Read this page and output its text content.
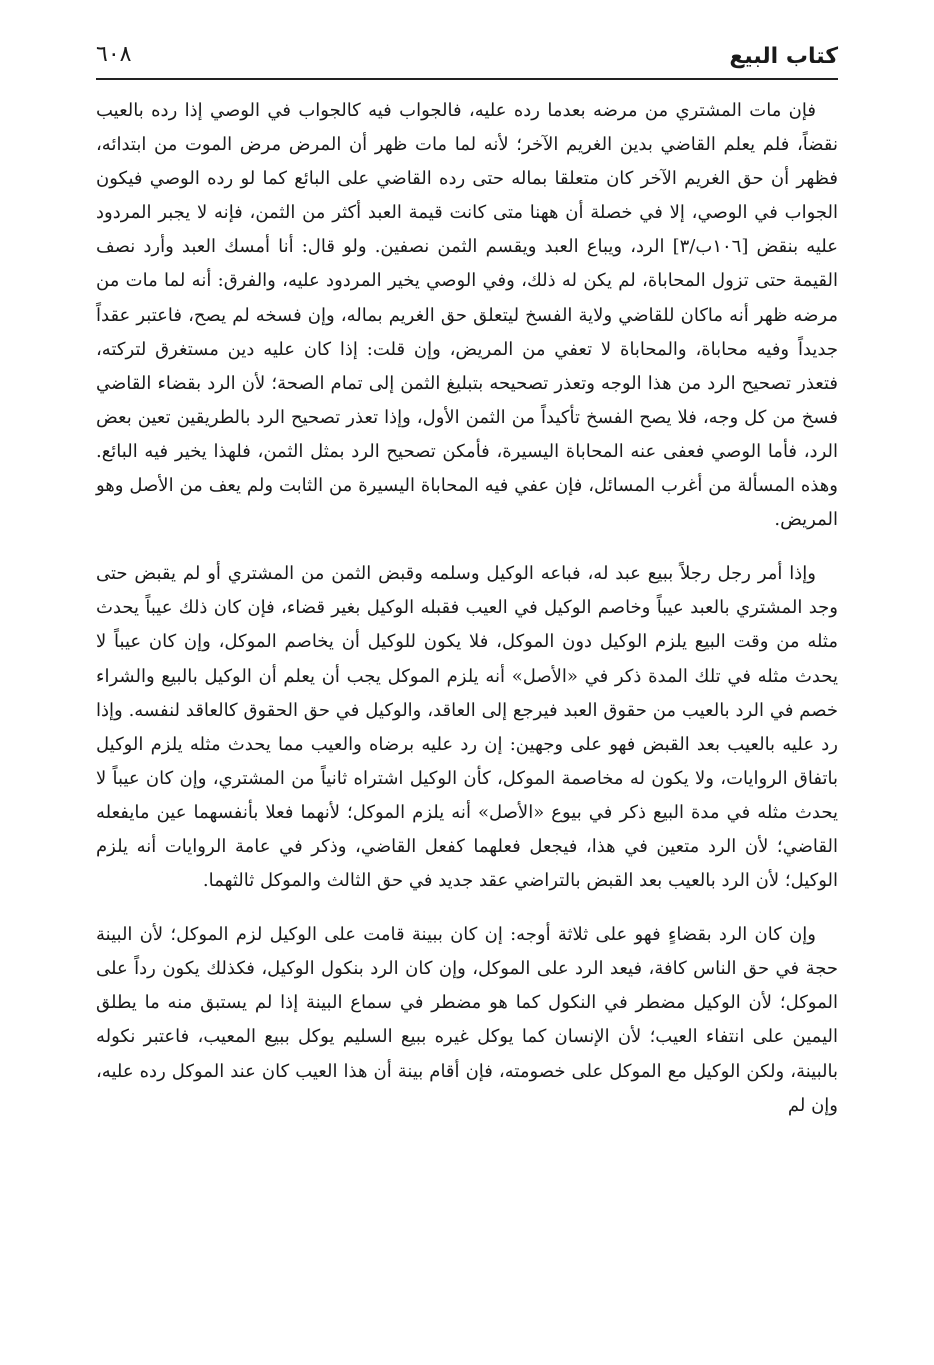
كتاب البيع
٦٠٨

فإن مات المشتري من مرضه بعدما رده عليه، فالجواب فيه كالجواب في الوصي إذا رده بالعيب نقضاً، فلم يعلم القاضي بدين الغريم الآخر؛ لأنه لما مات ظهر أن المرض مرض الموت من ابتدائه، فظهر أن حق الغريم الآخر كان متعلقا بماله حتى رده القاضي على البائع كما لو رده الوصي فيكون الجواب في الوصي، إلا في خصلة أن ههنا متى كانت قيمة العبد أكثر من الثمن، فإنه لا يجبر المردود عليه بنقض [١٠٦ب/٣] الرد، ويباع العبد ويقسم الثمن نصفين. ولو قال: أنا أمسك العبد وأرد نصف القيمة حتى تزول المحاباة، لم يكن له ذلك، وفي الوصي يخير المردود عليه، والفرق: أنه لما مات من مرضه ظهر أنه ماكان للقاضي ولاية الفسخ ليتعلق حق الغريم بماله، وإن فسخه لم يصح، فاعتبر عقداً جديداً وفيه محاباة، والمحاباة لا تعفي من المريض، وإن قلت: إذا كان عليه دين مستغرق لتركته، فتعذر تصحيح الرد من هذا الوجه وتعذر تصحيحه بتبليغ الثمن إلى تمام الصحة؛ لأن الرد بقضاء القاضي فسخ من كل وجه، فلا يصح الفسخ تأكيداً من الثمن الأول، وإذا تعذر تصحيح الرد بالطريقين تعين بعض الرد، فأما الوصي فعفى عنه المحاباة اليسيرة، فأمكن تصحيح الرد بمثل الثمن، فلهذا يخير فيه البائع. وهذه المسألة من أغرب المسائل، فإن عفي فيه المحاباة اليسيرة من الثابت ولم يعف من الأصل وهو المريض.

وإذا أمر رجل رجلاً ببيع عبد له، فباعه الوكيل وسلمه وقبض الثمن من المشتري أو لم يقبض حتى وجد المشتري بالعبد عيباً وخاصم الوكيل في العيب فقبله الوكيل بغير قضاء، فإن كان ذلك عيباً يحدث مثله من وقت البيع يلزم الوكيل دون الموكل، فلا يكون للوكيل أن يخاصم الموكل، وإن كان عيباً لا يحدث مثله في تلك المدة ذكر في «الأصل» أنه يلزم الموكل يجب أن يعلم أن الوكيل بالبيع والشراء خصم في الرد بالعيب من حقوق العبد فيرجع إلى العاقد، والوكيل في حق الحقوق كالعاقد لنفسه. وإذا رد عليه بالعيب بعد القبض فهو على وجهين: إن رد عليه برضاه والعيب مما يحدث مثله يلزم الوكيل باتفاق الروايات، ولا يكون له مخاصمة الموكل، كأن الوكيل اشتراه ثانياً من المشتري، وإن كان عيباً لا يحدث مثله في مدة البيع ذكر في بيوع «الأصل» أنه يلزم الموكل؛ لأنهما فعلا بأنفسهما عين مايفعله القاضي؛ لأن الرد متعين في هذا، فيجعل فعلهما كفعل القاضي، وذكر في عامة الروايات أنه يلزم الوكيل؛ لأن الرد بالعيب بعد القبض بالتراضي عقد جديد في حق الثالث والموكل ثالثهما.

وإن كان الرد بقضاءٍ فهو على ثلاثة أوجه: إن كان ببينة قامت على الوكيل لزم الموكل؛ لأن البينة حجة في حق الناس كافة، فيعد الرد على الموكل، وإن كان الرد بنكول الوكيل، فكذلك يكون رداً على الموكل؛ لأن الوكيل مضطر في النكول كما هو مضطر في سماع البينة إذا لم يستبق منه ما يطلق اليمين على انتفاء العيب؛ لأن الإنسان كما يوكل غيره ببيع السليم يوكل ببيع المعيب، فاعتبر نكوله بالبينة، ولكن الوكيل مع الموكل على خصومته، فإن أقام بينة أن هذا العيب كان عند الموكل رده عليه، وإن لم
